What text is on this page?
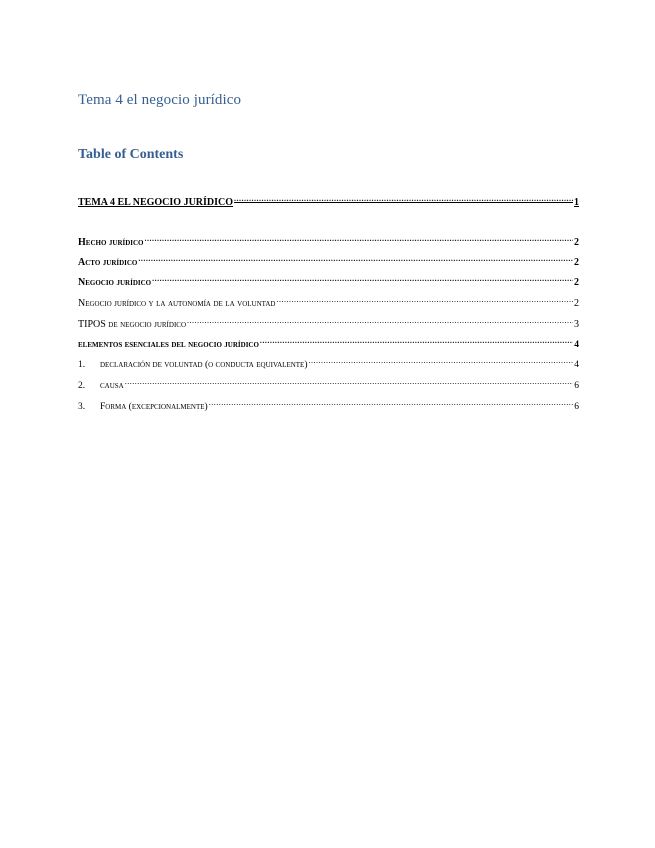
Tema 4 el negocio jurídico
Table of Contents
TEMA 4 EL NEGOCIO JURÍDICO .....	1
Hecho jurídico .....	2
Acto jurídico .....	2
Negocio jurídico .....	2
Negocio jurídico y la autonomía de la voluntad .....	2
TIPOS de negocio jurídico .....	3
elementos esenciales del negocio jurídico .....	4
1.	declaración de voluntad (o conducta equivalente) .....	4
2.	causa .....	6
3.	Forma (excepcionalmente) .....	6
